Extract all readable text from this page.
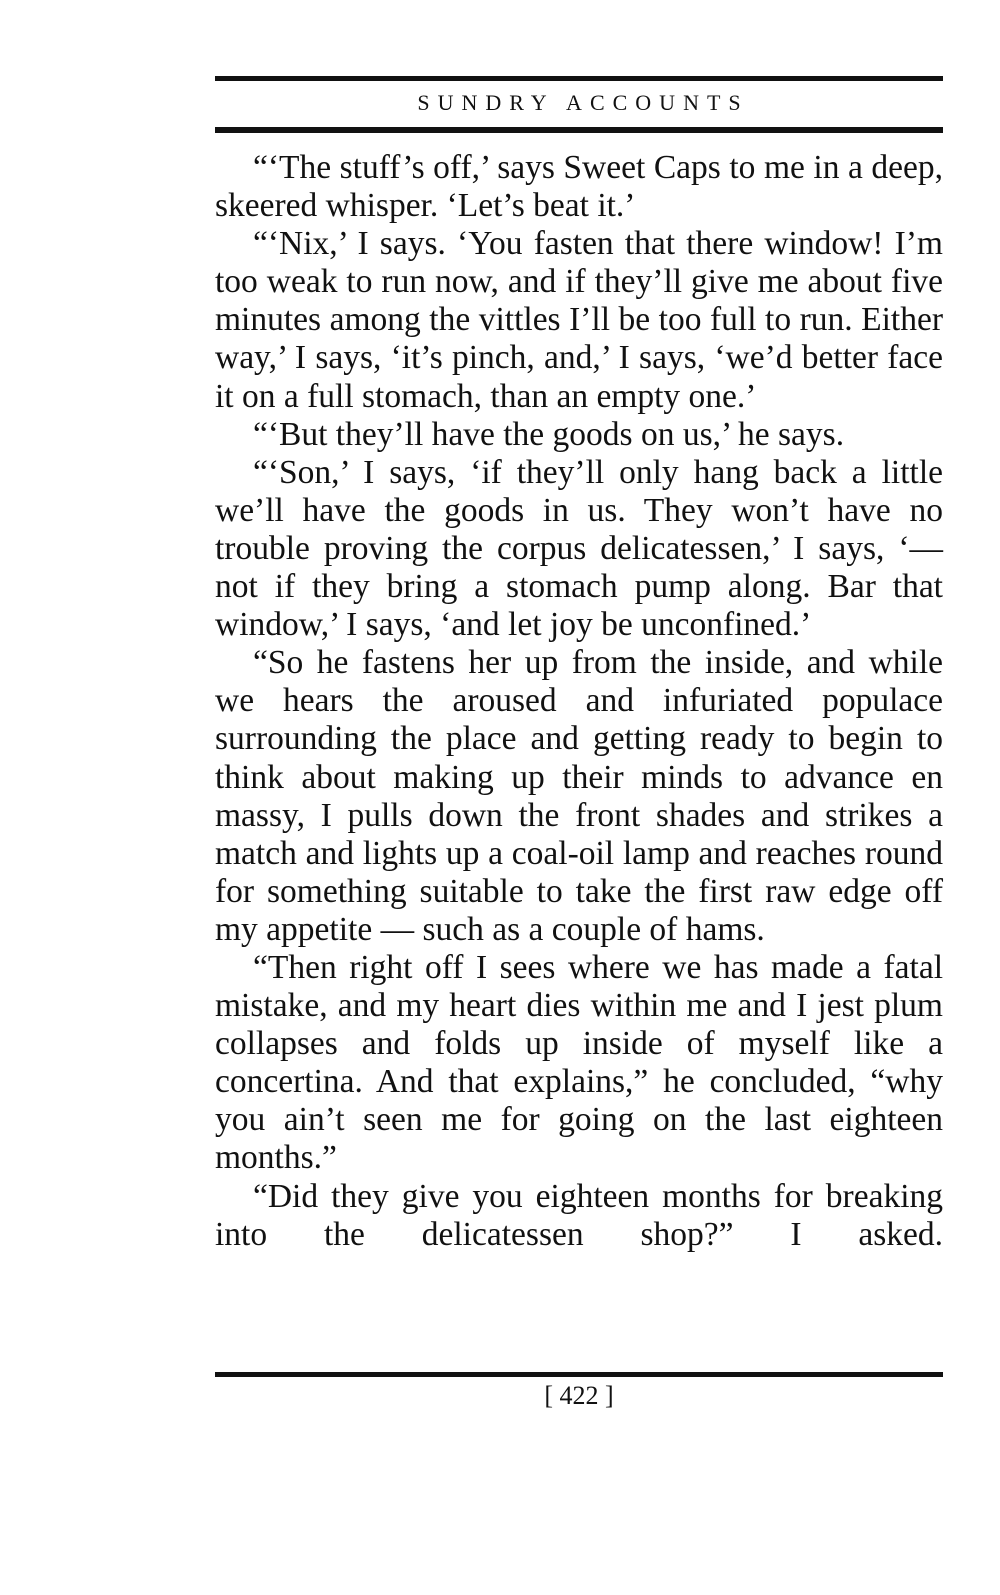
SUNDRY ACCOUNTS

“‘The stuff’s off,’ says Sweet Caps to me in a deep, skeered whisper. ‘Let’s beat it.’

“‘Nix,’ I says. ‘You fasten that there window! I’m too weak to run now, and if they’ll give me about five minutes among the vittles I’ll be too full to run. Either way,’ I says, ‘it’s pinch, and,’ I says, ‘we’d better face it on a full stomach, than an empty one.’

“‘But they’ll have the goods on us,’ he says.

“‘Son,’ I says, ‘if they’ll only hang back a little we’ll have the goods in us. They won’t have no trouble proving the corpus delicatessen,’ I says, ‘— not if they bring a stomach pump along. Bar that window,’ I says, ‘and let joy be unconfined.’

“So he fastens her up from the inside, and while we hears the aroused and infuriated populace surrounding the place and getting ready to begin to think about making up their minds to advance en massy, I pulls down the front shades and strikes a match and lights up a coal-oil lamp and reaches round for something suitable to take the first raw edge off my appetite — such as a couple of hams.

“Then right off I sees where we has made a fatal mistake, and my heart dies within me and I jest plum collapses and folds up inside of myself like a concertina. And that explains,” he concluded, “why you ain’t seen me for going on the last eighteen months.”

“Did they give you eighteen months for breaking into the delicatessen shop?” I asked.

[ 422 ]
